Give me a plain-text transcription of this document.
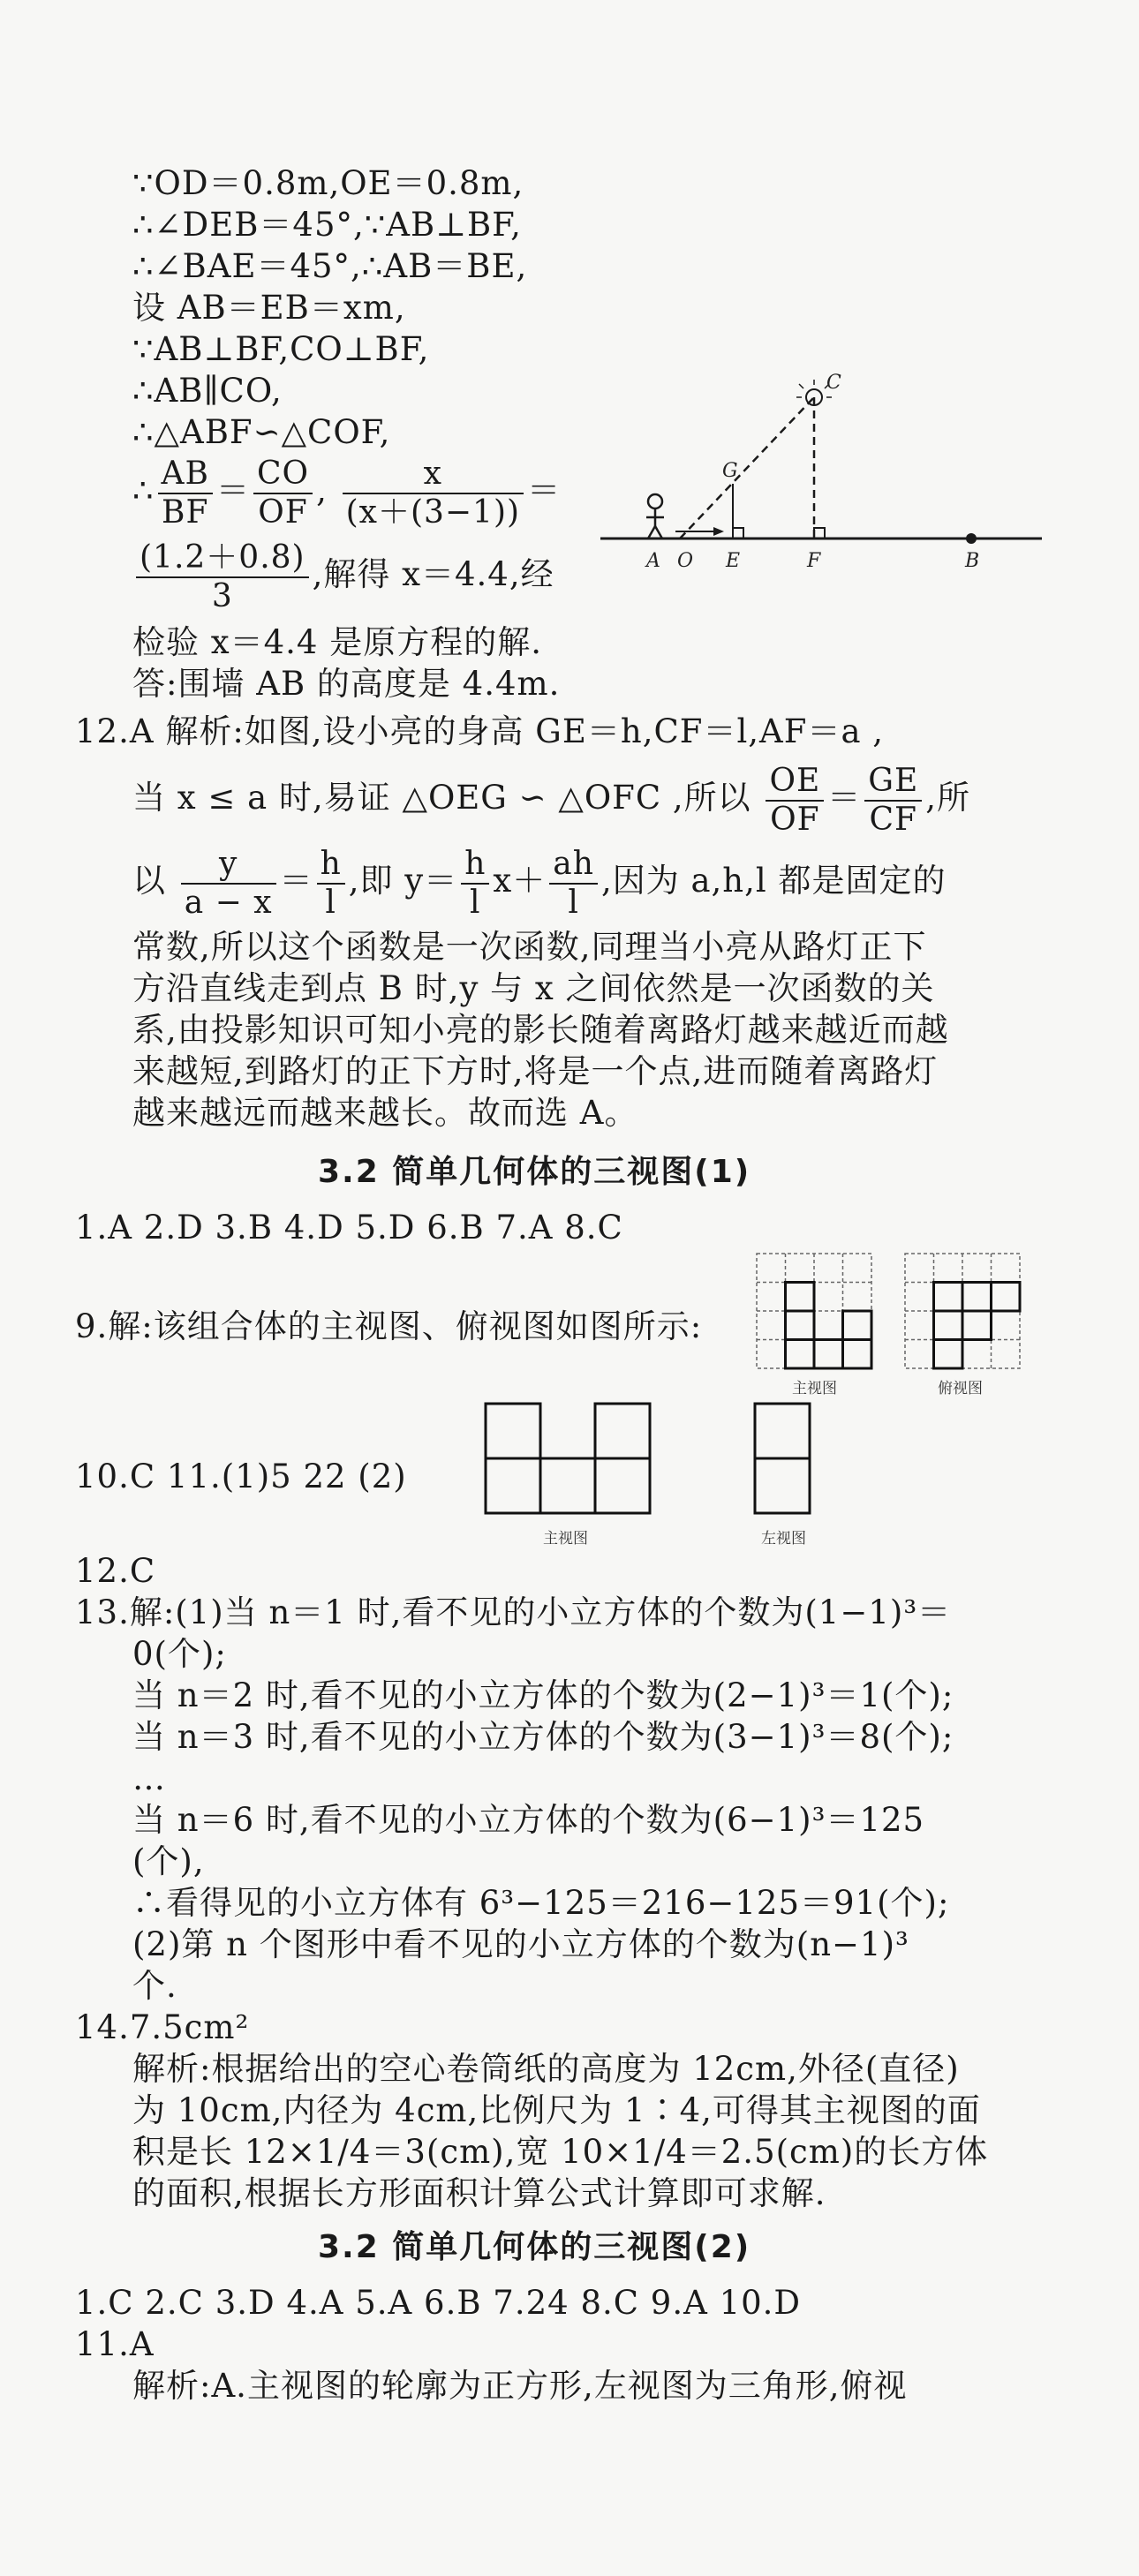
∵OD＝0.8m,OE＝0.8m,
∴∠DEB＝45°,∵AB⊥BF,
∴∠BAE＝45°,∴AB＝BE,
设 AB＝EB＝xm,
∵AB⊥BF,CO⊥BF,
∴AB∥CO,
∴△ABF∽△COF,
∴ $\frac{AB}{BF} = \frac{CO}{OF}$ , $\frac{x}{(x+(3-1))}$ ＝
$\frac{(1.2+0.8)}{3}$ ,解得 x＝4.4,经
检验 x＝4.4 是原方程的解.
答:围墙 AB 的高度是 4.4m.
A O E	F	B
G
C
12.A 解析:如图,设小亮的身高 GE＝h,CF＝l,AF＝a ,
当 x ≤ a 时,易证 △OEG ∽ △OFC ,所以 $\frac{OE}{OF} = \frac{GE}{CF}$ ,所
以 $\frac{y}{a - x} = \frac{h}{l}$ ,即 $y= \frac{h}{l} x+ \frac{ah}{l}$ ,因为 a,h,l 都是固定的
常数,所以这个函数是一次函数,同理当小亮从路灯正下
方沿直线走到点 B 时,y 与 x 之间依然是一次函数的关
系,由投影知识可知小亮的影长随着离路灯越来越近而越
来越短,到路灯的正下方时,将是一个点,进而随着离路灯
越来越远而越来越长。故而选 A。
3.2 简单几何体的三视图(1)
1.A 2.D 3.B 4.D 5.D 6.B 7.A 8.C
9.解:该组合体的主视图、俯视图如图所示:
主视图	俯视图
10.C 11.(1)5 22 (2)
主视图	左视图
12.C
13.解:(1)当 n＝1 时,看不见的小立方体的个数为(1−1)³＝
0(个);
当 n＝2 时,看不见的小立方体的个数为(2−1)³＝1(个);
当 n＝3 时,看不见的小立方体的个数为(3−1)³＝8(个);
…
当 n＝6 时,看不见的小立方体的个数为(6−1)³＝125
(个),
∴看得见的小立方体有 6³−125＝216−125＝91(个);
(2)第 n 个图形中看不见的小立方体的个数为(n−1)³
个.
14.7.5cm²
解析:根据给出的空心卷筒纸的高度为 12cm,外径(直径)
为 10cm,内径为 4cm,比例尺为 1∶4,可得其主视图的面
积是长 12×1/4＝3(cm),宽 10×1/4＝2.5(cm)的长方体
的面积,根据长方形面积计算公式计算即可求解.
3.2 简单几何体的三视图(2)
1.C 2.C 3.D 4.A 5.A 6.B 7.24 8.C 9.A 10.D
11.A
解析:A.主视图的轮廓为正方形,左视图为三角形,俯视
